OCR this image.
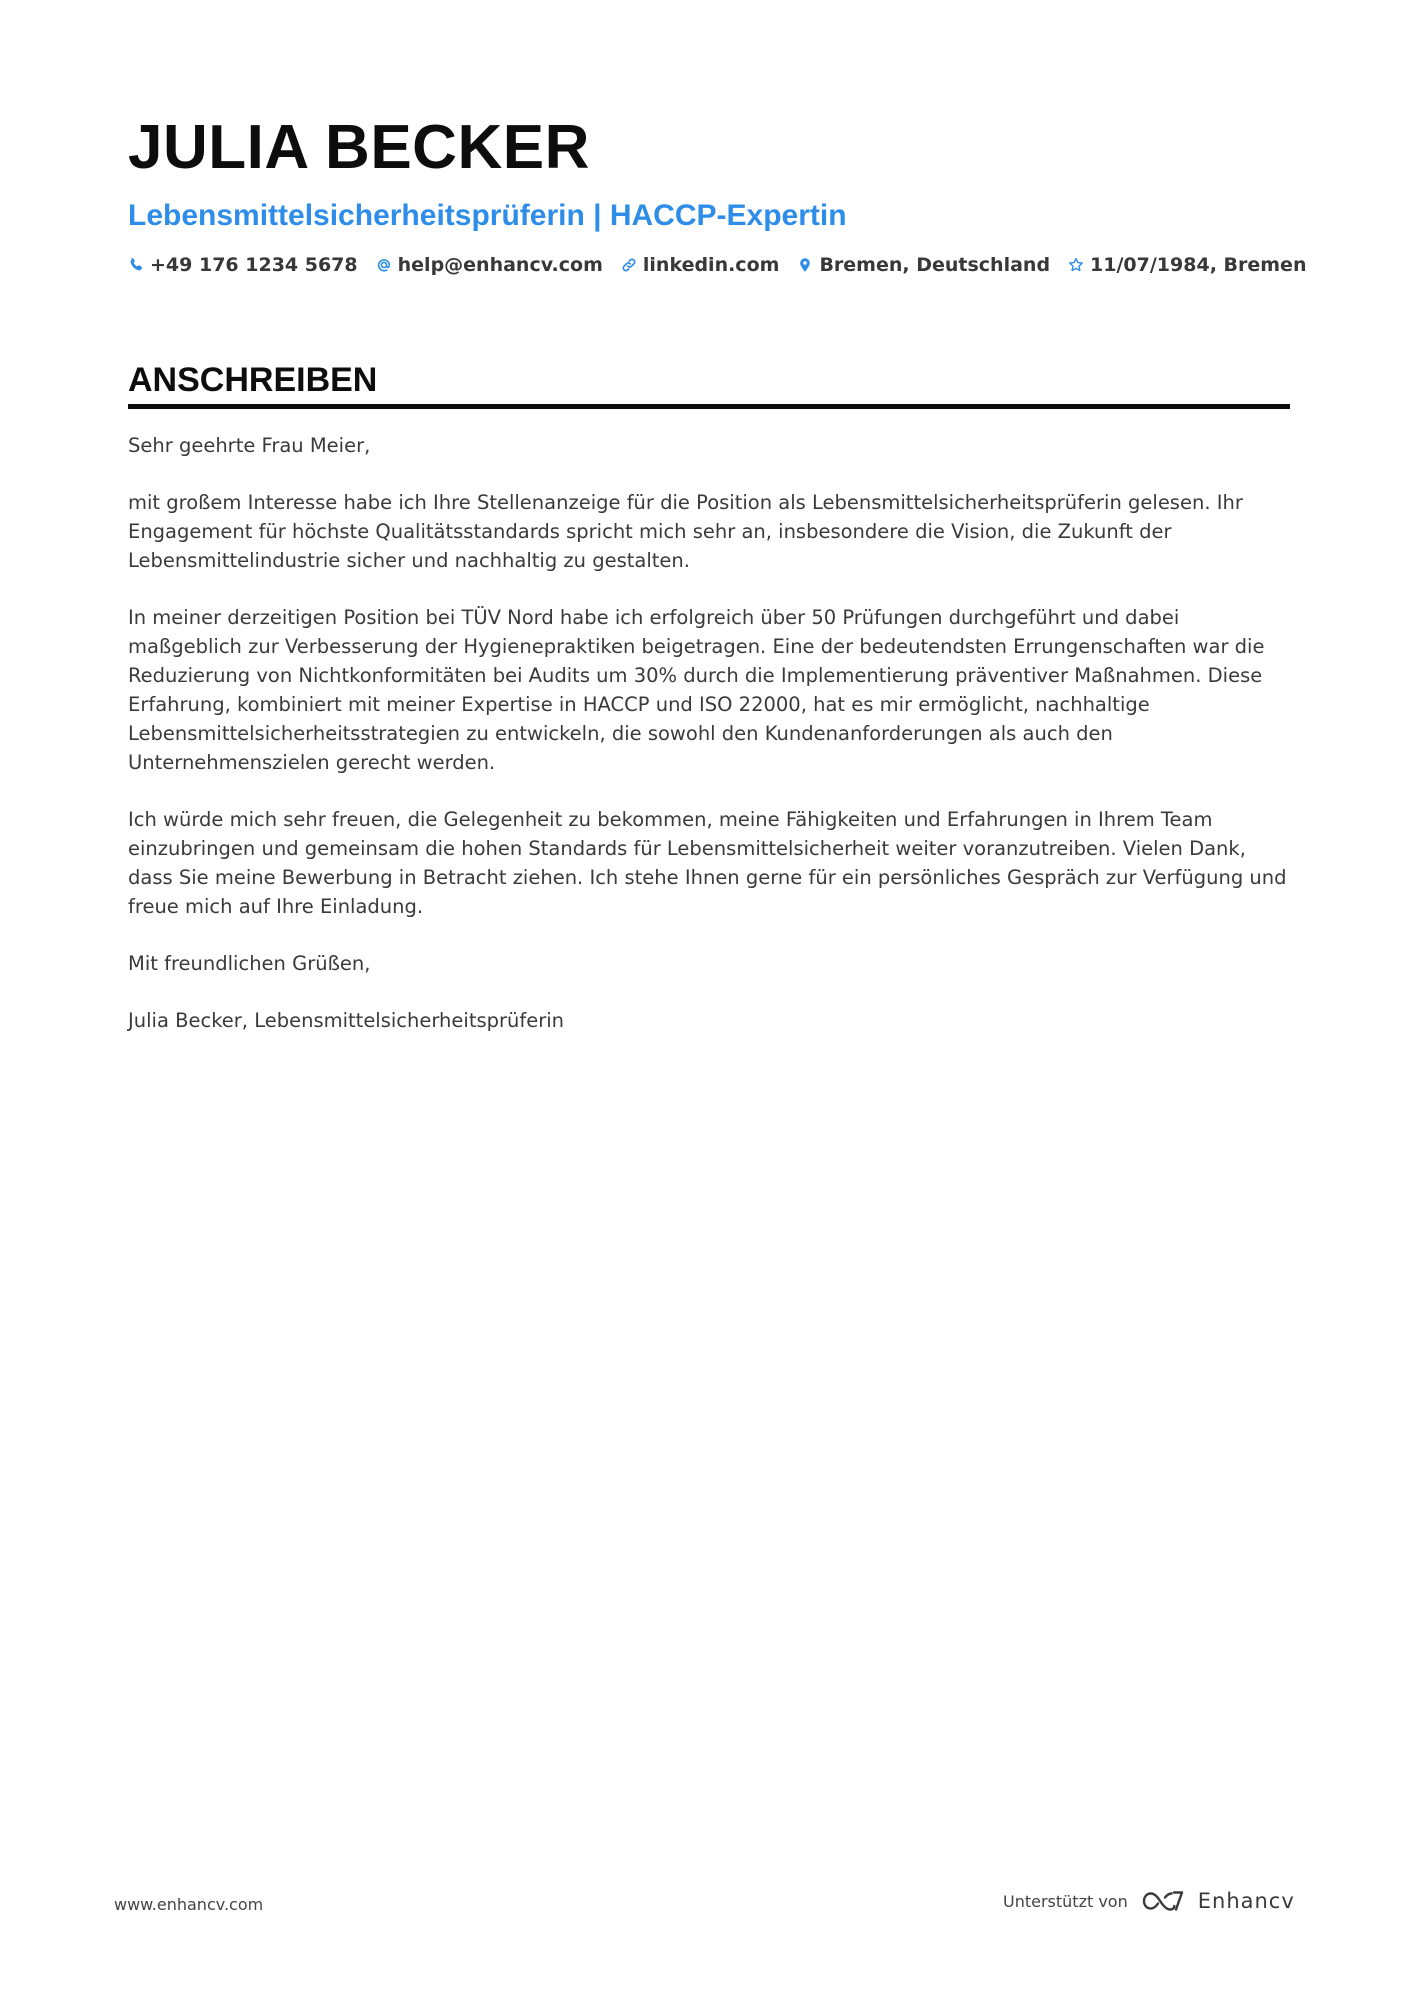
JULIA BECKER
Lebensmittelsicherheitsprüferin | HACCP-Expertin
+49 176 1234 5678 help@enhancv.com linkedin.com Bremen, Deutschland 11/07/1984, Bremen
ANSCHREIBEN

Sehr geehrte Frau Meier,

mit großem Interesse habe ich Ihre Stellenanzeige für die Position als Lebensmittelsicherheitsprüferin gelesen. Ihr Engagement für höchste Qualitätsstandards spricht mich sehr an, insbesondere die Vision, die Zukunft der Lebensmittelindustrie sicher und nachhaltig zu gestalten.

In meiner derzeitigen Position bei TÜV Nord habe ich erfolgreich über 50 Prüfungen durchgeführt und dabei maßgeblich zur Verbesserung der Hygienepraktiken beigetragen. Eine der bedeutendsten Errungenschaften war die Reduzierung von Nichtkonformitäten bei Audits um 30% durch die Implementierung präventiver Maßnahmen. Diese Erfahrung, kombiniert mit meiner Expertise in HACCP und ISO 22000, hat es mir ermöglicht, nachhaltige Lebensmittelsicherheitsstrategien zu entwickeln, die sowohl den Kundenanforderungen als auch den Unternehmenszielen gerecht werden.

Ich würde mich sehr freuen, die Gelegenheit zu bekommen, meine Fähigkeiten und Erfahrungen in Ihrem Team einzubringen und gemeinsam die hohen Standards für Lebensmittelsicherheit weiter voranzutreiben. Vielen Dank, dass Sie meine Bewerbung in Betracht ziehen. Ich stehe Ihnen gerne für ein persönliches Gespräch zur Verfügung und freue mich auf Ihre Einladung.

Mit freundlichen Grüßen,

Julia Becker, Lebensmittelsicherheitsprüferin

www.enhancv.com	Unterstützt von	Enhancv
